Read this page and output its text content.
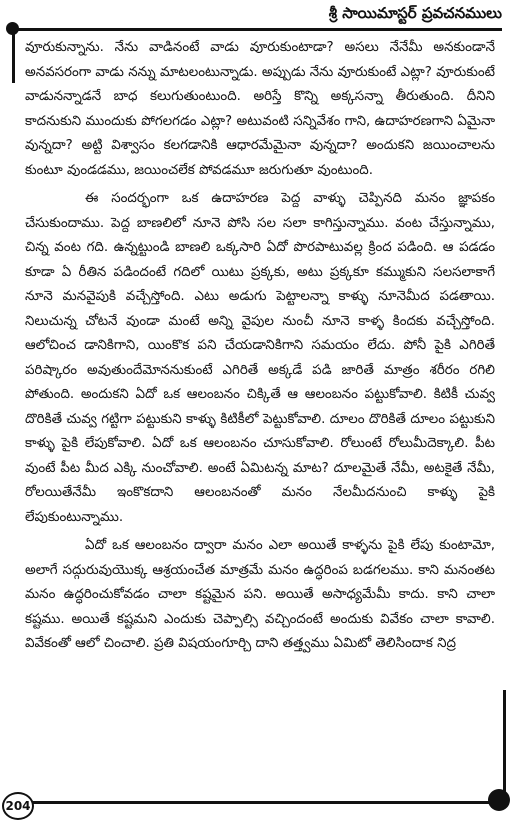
శ్రీ సాయిమాస్టర్ ప్రవచనములు

వూరుకున్నాను. నేను వాడినంటే వాడు వూరుకుంటాడా? అసలు నేనేమీ అనకుండానే అనవసరంగా వాడు నన్ను మాటలంటున్నాడు. అప్పుడు నేను వూరుకుంటే ఎట్లా? వూరుకుంటే వాడునన్నాడనే బాధ కలుగుతుంటుంది. అరిస్తే కొన్ని అక్కసన్నా తీరుతుంది. దీనిని కాదనుకుని ముందుకు పోగలగడం ఎట్లా? అటువంటి సన్నివేశం గాని, ఉదాహరణగాని ఏమైనా వున్నదా? అట్టి విశ్వాసం కలగడానికి ఆధారమేమైనా వున్నదా? అందుకని జయించాలను కుంటూ వుండడము, జయించలేక పోవడమూ జరుగుతూ వుంటుంది.

ఈ సందర్భంగా ఒక ఉదాహరణ పెద్ద వాళ్ళు చెప్పినది మనం జ్ఞాపకం చేసుకుందాము. పెద్ద బాణలిలో నూనె పోసి సల సలా కాగిస్తున్నాము. వంట చేస్తున్నాము, చిన్న వంట గది. ఉన్నట్టుండి బాణలి ఒక్కసారి ఏదో పొరపాటువల్ల క్రింద పడింది. ఆ పడడం కూడా ఏ రీతిన పడిందంటే గదిలో యిటు ప్రక్కకు, అటు ప్రక్కకూ కమ్ముకుని సలసలాకాగే నూనె మనవైపుకి వచ్చేస్తోంది. ఎటు అడుగు పెట్టాలన్నా కాళ్ళు నూనెమీద పడతాయి. నిలుచున్న చోటనే వుండా మంటే అన్ని వైపుల నుంచీ నూనె కాళ్ళ కిందకు వచ్చేస్తోంది. ఆలోచించ డానికిగాని, యింకొక పని చేయడానికిగాని సమయం లేదు. పోనీ పైకి ఎగిరితే పరిష్కారం అవుతుందేమోననుకుంటే ఎగిరితే అక్కడే పడి జారితే మాత్రం శరీరం రగిలి పోతుంది. అందుకని ఏదో ఒక ఆలంబనం చిక్కితే ఆ ఆలంబనం పట్టుకోవాలి. కిటికీ చువ్వ దొరికితే చువ్వ గట్టిగా పట్టుకుని కాళ్ళు కిటికీలో పెట్టుకోవాలి. దూలం దొరికితే దూలం పట్టుకుని కాళ్ళు పైకి లేపుకోవాలి. ఏదో ఒక ఆలంబనం చూసుకోవాలి. రోలుంటే రోలుమీదెక్కాలి. పీట వుంటే పీట మీద ఎక్కి నుంచోవాలి. అంటే ఏమిటన్న మాట? దూలమైతే నేమీ, అటకైతే నేమీ, రోలయితేనేమీ ఇంకొకదాని ఆలంబనంతో మనం నేలమీదనుంచి కాళ్ళు పైకి లేపుకుంటున్నాము.

ఏదో ఒక ఆలంబనం ద్వారా మనం ఎలా అయితే కాళ్ళను పైకి లేపు కుంటామో, అలాగే సద్గురువుయొక్క ఆశ్రయంచేత మాత్రమే మనం ఉద్ధరింప బడగలము. కాని మనంతట మనం ఉద్ధరించుకోవడం చాలా కష్టమైన పని. అయితే అసాధ్యమేమీ కాదు. కాని చాలా కష్టము. అయితే కష్టమని ఎందుకు చెప్పాల్సి వచ్చిందంటే అందుకు వివేకం చాలా కావాలి. వివేకంతో ఆలో చించాలి. ప్రతి విషయంగూర్చి దాని తత్త్వము ఏమిటో తెలిసిందాక నిద్ర

204
